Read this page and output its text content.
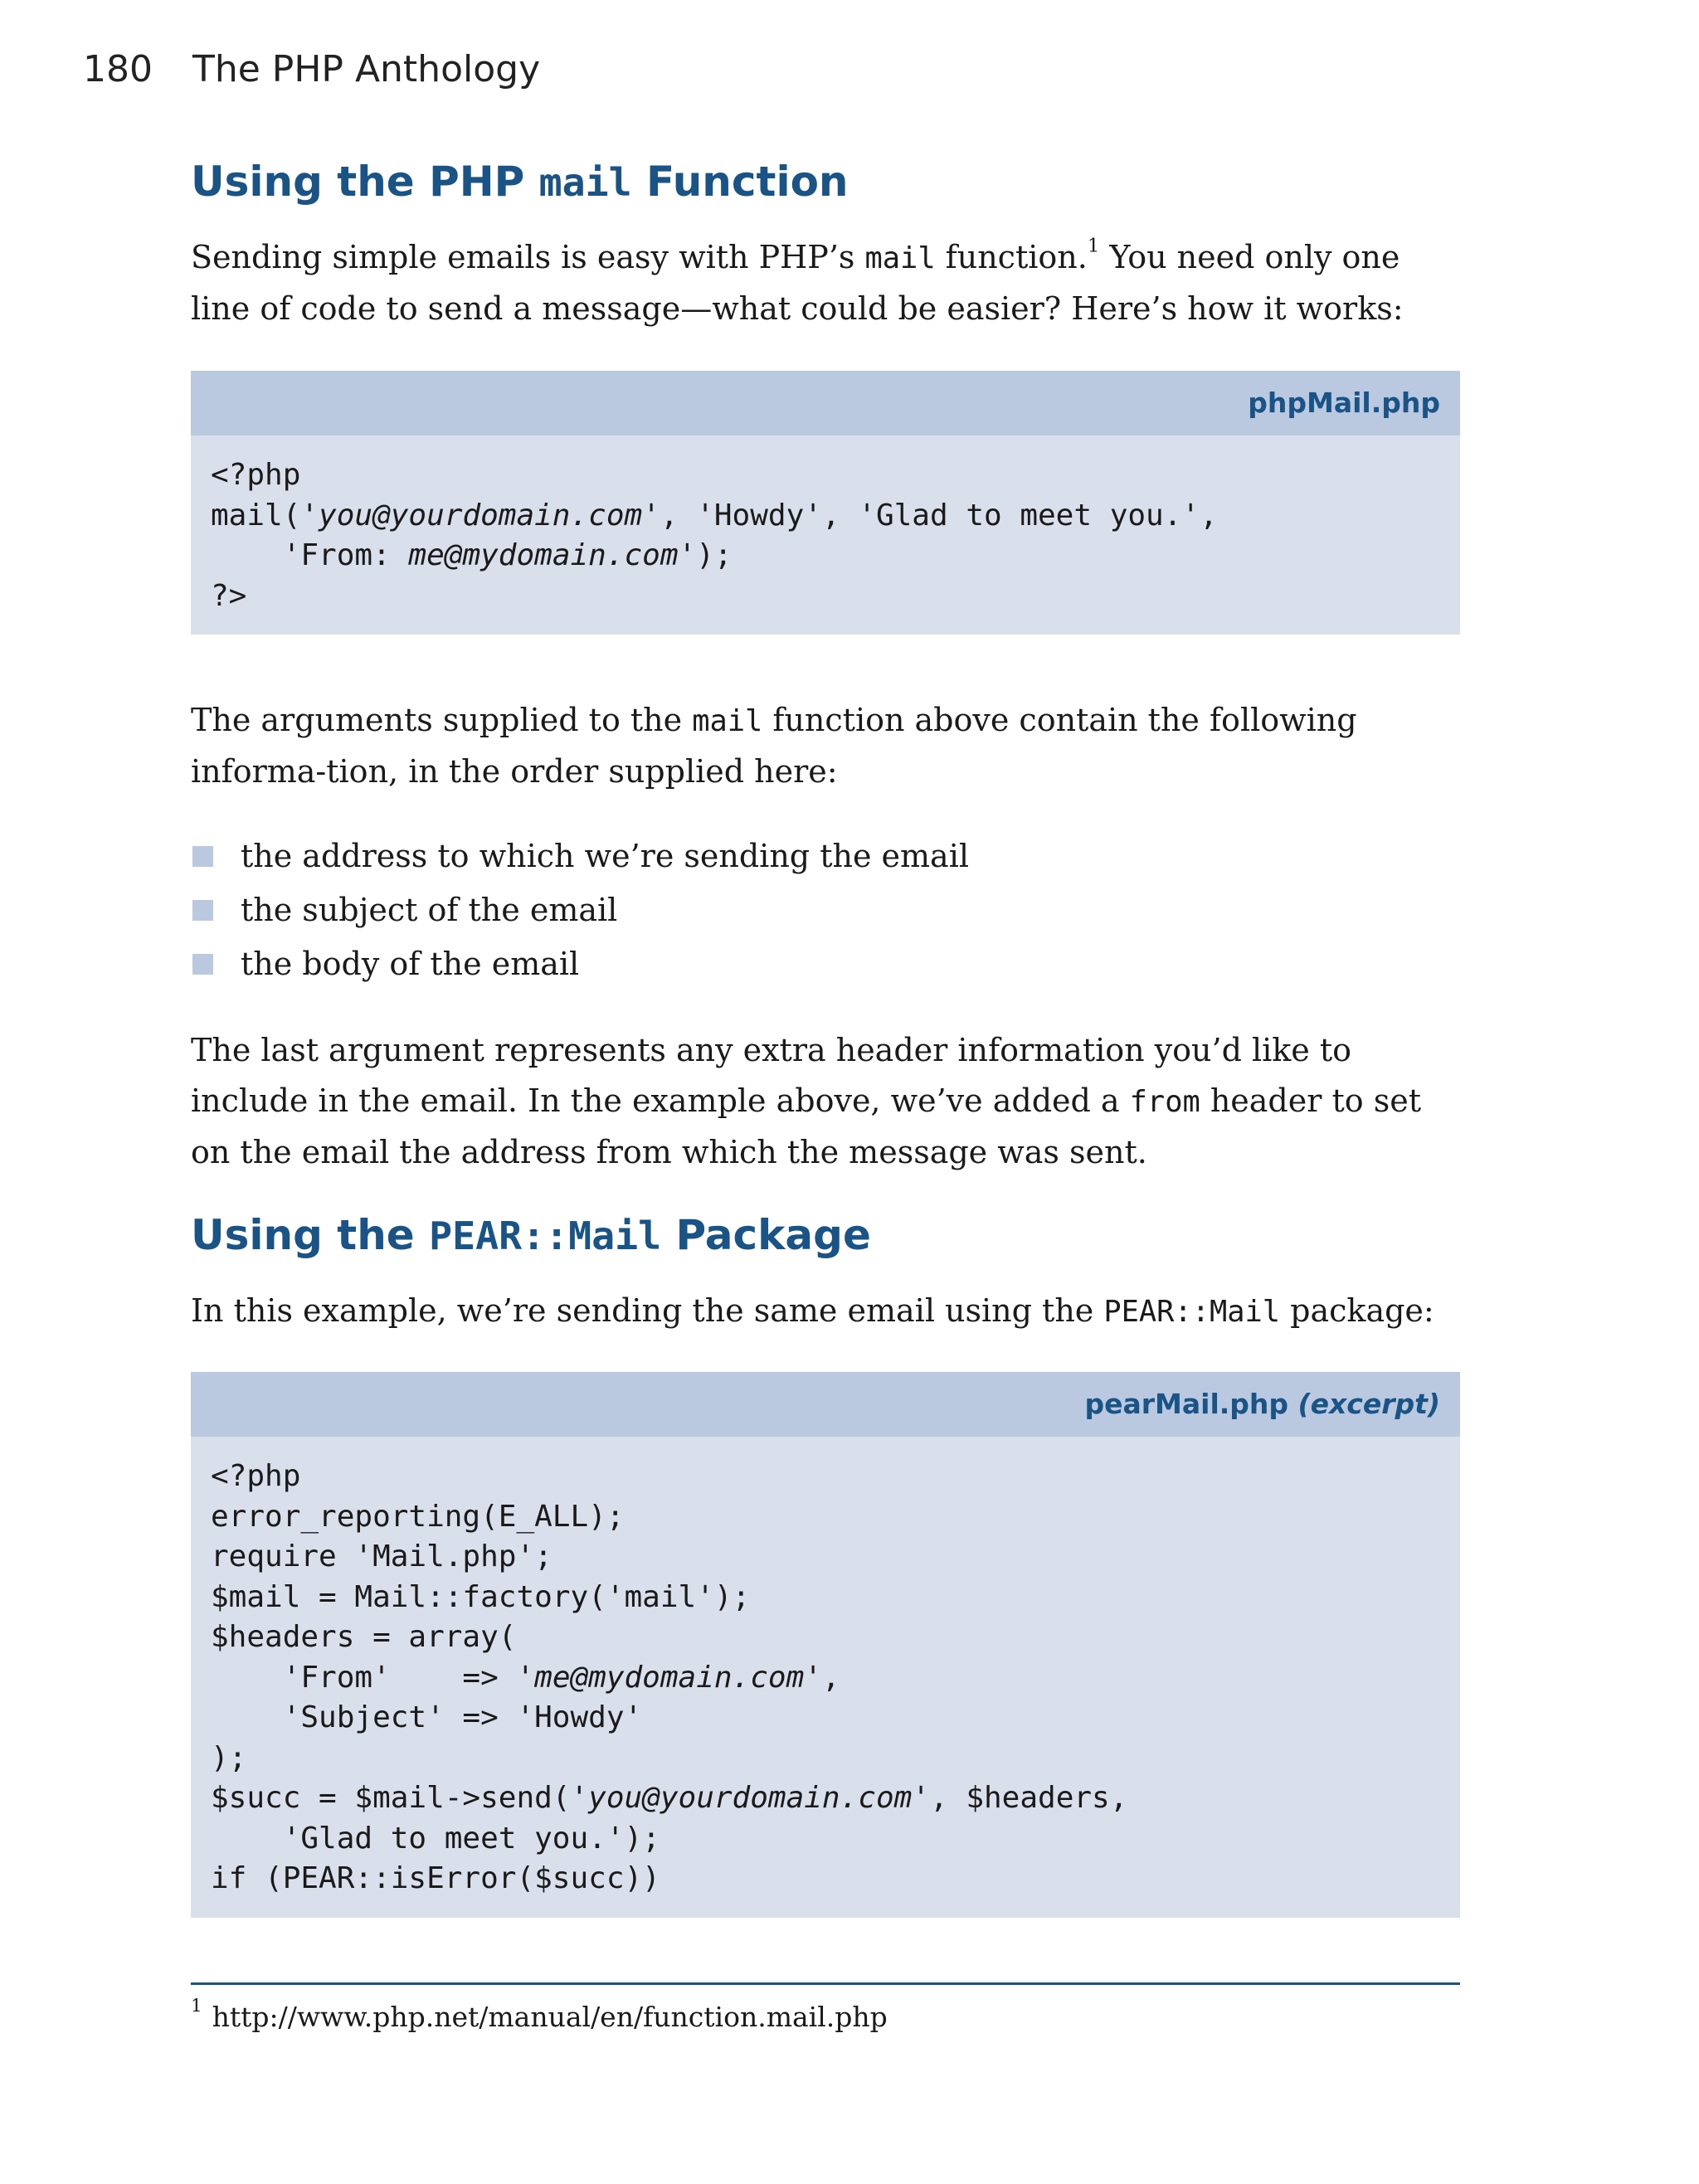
180 The PHP Anthology
Using the PHP mail Function

Sending simple emails is easy with PHP’s mail function.$^1$ You need only one line of code to send a message—what could be easier? Here’s how it works:

phpMail.php
<?php
mail('you@yourdomain.com', 'Howdy', 'Glad to meet you.',
'From: me@mydomain.com');
?>

The arguments supplied to the mail function above contain the following informa-tion, in the order supplied here:

the address to which we’re sending the email
the subject of the email
the body of the email

The last argument represents any extra header information you’d like to include in the email. In the example above, we’ve added a from header to set on the email the address from which the message was sent.

Using the PEAR::Mail Package

In this example, we’re sending the same email using the PEAR::Mail package:

pearMail.php (excerpt)
<?php
error_reporting(E_ALL);
require 'Mail.php';
$mail = Mail::factory('mail');
$headers = array(
'From'    => 'me@mydomain.com',
'Subject' => 'Howdy'
);
$succ = $mail->send('you@yourdomain.com', $headers,
'Glad to meet you.');
if (PEAR::isError($succ))
$^1$ http://www.php.net/manual/en/function.mail.php
